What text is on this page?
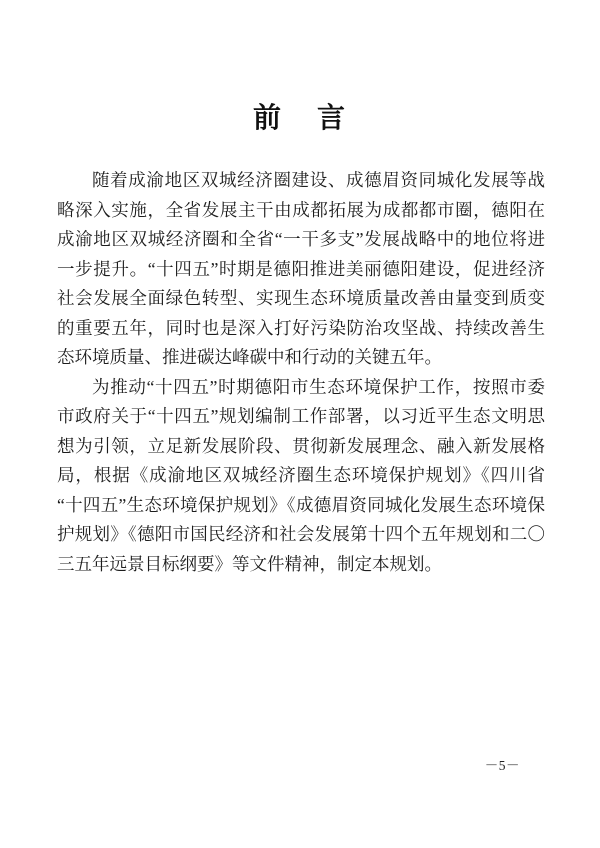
前　言

随着成渝地区双城经济圈建设、成德眉资同城化发展等战略深入实施，全省发展主干由成都拓展为成都都市圈，德阳在成渝地区双城经济圈和全省“一干多支”发展战略中的地位将进一步提升。“十四五”时期是德阳推进美丽德阳建设，促进经济社会发展全面绿色转型、实现生态环境质量改善由量变到质变的重要五年，同时也是深入打好污染防治攻坚战、持续改善生态环境质量、推进碳达峰碳中和行动的关键五年。

为推动“十四五”时期德阳市生态环境保护工作，按照市委市政府关于“十四五”规划编制工作部署，以习近平生态文明思想为引领，立足新发展阶段、贯彻新发展理念、融入新发展格局，根据《成渝地区双城经济圈生态环境保护规划》《四川省“十四五”生态环境保护规划》《成德眉资同城化发展生态环境保护规划》《德阳市国民经济和社会发展第十四个五年规划和二〇三五年远景目标纲要》等文件精神，制定本规划。

－5－
